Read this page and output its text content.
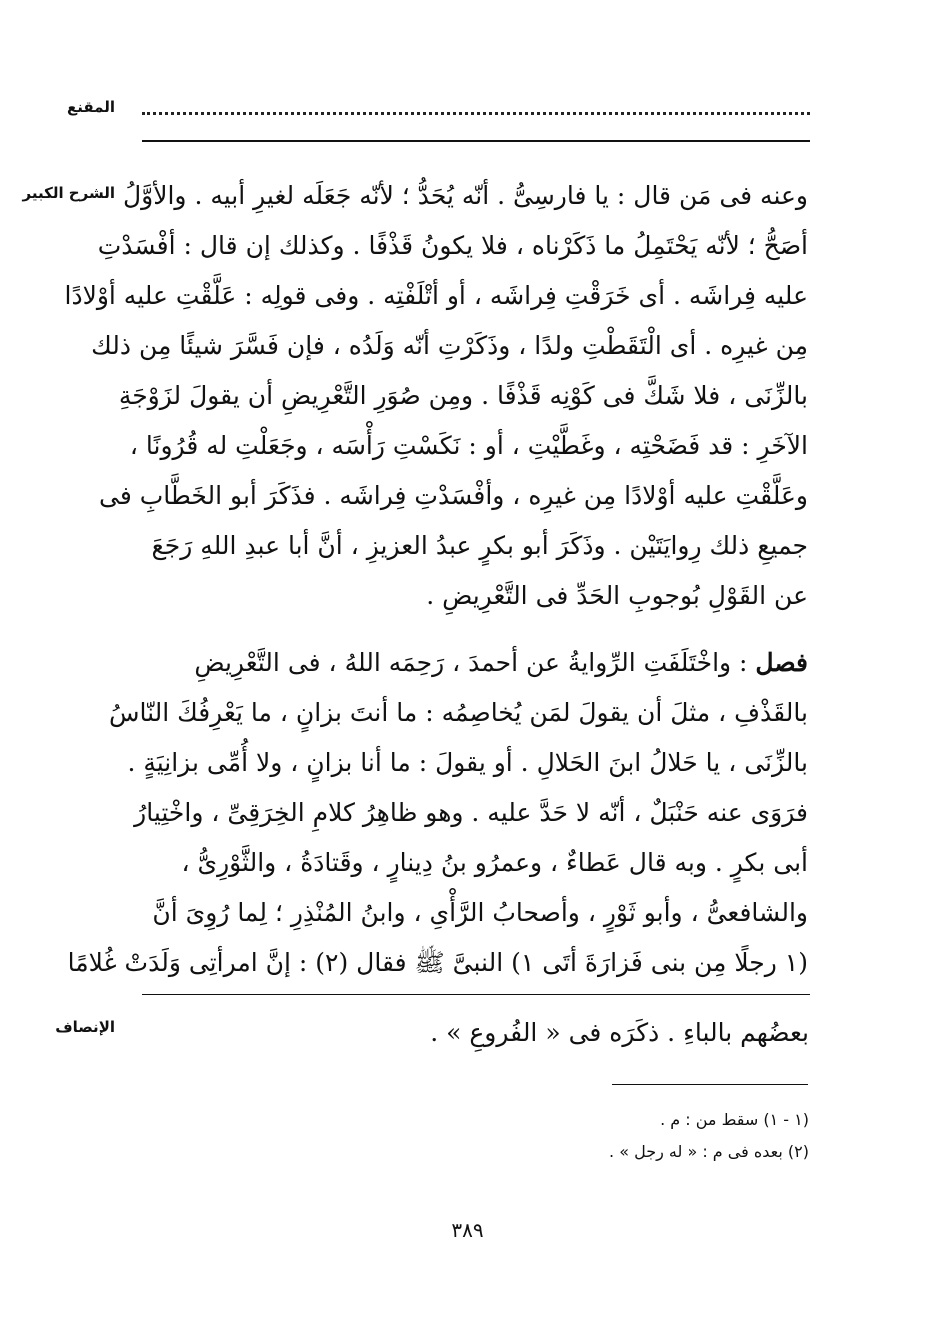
المقنع
الشرح الكبير وعنه فى مَن قال : يا فارسِىُّ . أنّه يُحَدُّ ؛ لأنّه جَعَلَه لغيرِ أبيه . والأوَّلُ
أصَحُّ ؛ لأنّه يَحْتَمِلُ ما ذَكَرْناه ، فلا يكونُ قَذْفًا . وكذلك إن قال : أفْسَدْتِ
عليه فِراشَه . أى خَرَقْتِ فِراشَه ، أو أتْلَفْتِه . وفى قولِه : عَلَّقْتِ عليه أوْلادًا
مِن غيرِه . أى الْتَقَطْتِ ولدًا ، وذَكَرْتِ أنّه وَلَدُه ، فإن فَسَّرَ شيئًا مِن ذلك
بالزِّنَى ، فلا شَكَّ فى كَوْنِه قَذْفًا . ومِن صُوَرِ التَّعْرِيضِ أن يقولَ لزَوْجَةِ
الآخَرِ : قد فَضَحْتِه ، وغَطَّيْتِ ، أو : نَكَسْتِ رَأْسَه ، وجَعَلْتِ له قُرُونًا ،
وعَلَّقْتِ عليه أوْلادًا مِن غيرِه ، وأفْسَدْتِ فِراشَه . فذَكَرَ أبو الخَطَّابِ فى
جميعِ ذلك رِوايَتَيْن . وذَكَرَ أبو بكرٍ عبدُ العزيزِ ، أنَّ أبا عبدِ اللهِ رَجَعَ
عن القَوْلِ بُوجوبِ الحَدِّ فى التَّعْرِيضِ .
فصل : واخْتَلَفَتِ الرِّوايةُ عن أحمدَ ، رَحِمَه اللهُ ، فى التَّعْرِيضِ
بالقَذْفِ ، مثلَ أن يقولَ لمَن يُخاصِمُه : ما أنتَ بزانٍ ، ما يَعْرِفُكَ النّاسُ
بالزِّنَى ، يا حَلالُ ابنَ الحَلالِ . أو يقولَ : ما أنا بزانٍ ، ولا أُمِّى بزانِيَةٍ .
فرَوَى عنه حَنْبَلٌ ، أنّه لا حَدَّ عليه . وهو ظاهِرُ كلامِ الخِرَقِىِّ ، واخْتِيارُ
أبى بكرٍ . وبه قال عَطاءٌ ، وعمرُو بنُ دِينارٍ ، وقَتادَةُ ، والثَّوْرِىُّ ،
والشافعىُّ ، وأبو ثَوْرٍ ، وأصحابُ الرَّأْىِ ، وابنُ المُنْذِرِ ؛ لِما رُوِىَ أنَّ
(١ رجلًا مِن بنى فَزارَةَ أتَى ١) النبىَّ ﷺ فقال (٢) : إنَّ امرأتِى وَلَدَتْ غُلامًا
الإنصاف	بعضُهم بالباءِ . ذكَرَه فى « الفُروعِ » .
(١ - ١) سقط من : م .
(٢) بعده فى م : « له رجل » .
٣٨٩
